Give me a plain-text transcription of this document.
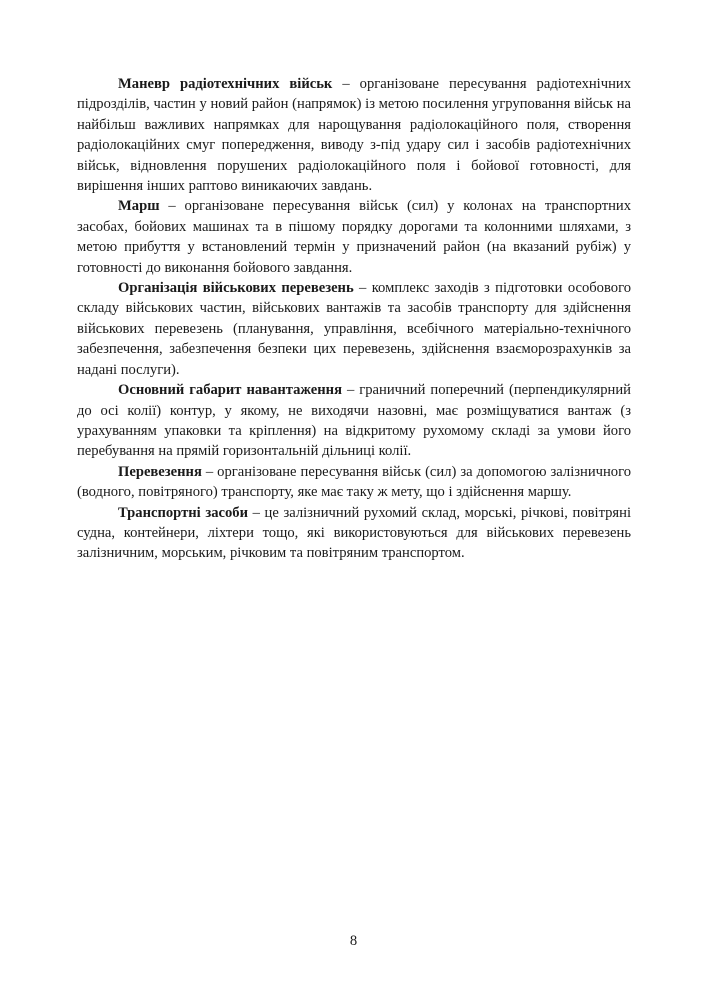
Маневр радіотехнічних військ – організоване пересування радіотехнічних підрозділів, частин у новий район (напрямок) із метою посилення угруповання військ на найбільш важливих напрямках для нарощування радіолокаційного поля, створення радіолокаційних смуг попередження, виводу з-під удару сил і засобів радіотехнічних військ, відновлення порушених радіолокаційного поля і бойової готовності, для вирішення інших раптово виникаючих завдань.

Марш – організоване пересування військ (сил) у колонах на транспортних засобах, бойових машинах та в пішому порядку дорогами та колонними шляхами, з метою прибуття у встановлений термін у призначений район (на вказаний рубіж) у готовності до виконання бойового завдання.

Організація військових перевезень – комплекс заходів з підготовки особового складу військових частин, військових вантажів та засобів транспорту для здійснення військових перевезень (планування, управління, всебічного матеріально-технічного забезпечення, забезпечення безпеки цих перевезень, здійснення взаєморозрахунків за надані послуги).

Основний габарит навантаження – граничний поперечний (перпендикулярний до осі колії) контур, у якому, не виходячи назовні, має розміщуватися вантаж (з урахуванням упаковки та кріплення) на відкритому рухомому складі за умови його перебування на прямій горизонтальній дільниці колії.

Перевезення – організоване пересування військ (сил) за допомогою залізничного (водного, повітряного) транспорту, яке має таку ж мету, що і здійснення маршу.

Транспортні засоби – це залізничний рухомий склад, морські, річкові, повітряні судна, контейнери, ліхтери тощо, які використовуються для військових перевезень залізничним, морським, річковим та повітряним транспортом.

8
